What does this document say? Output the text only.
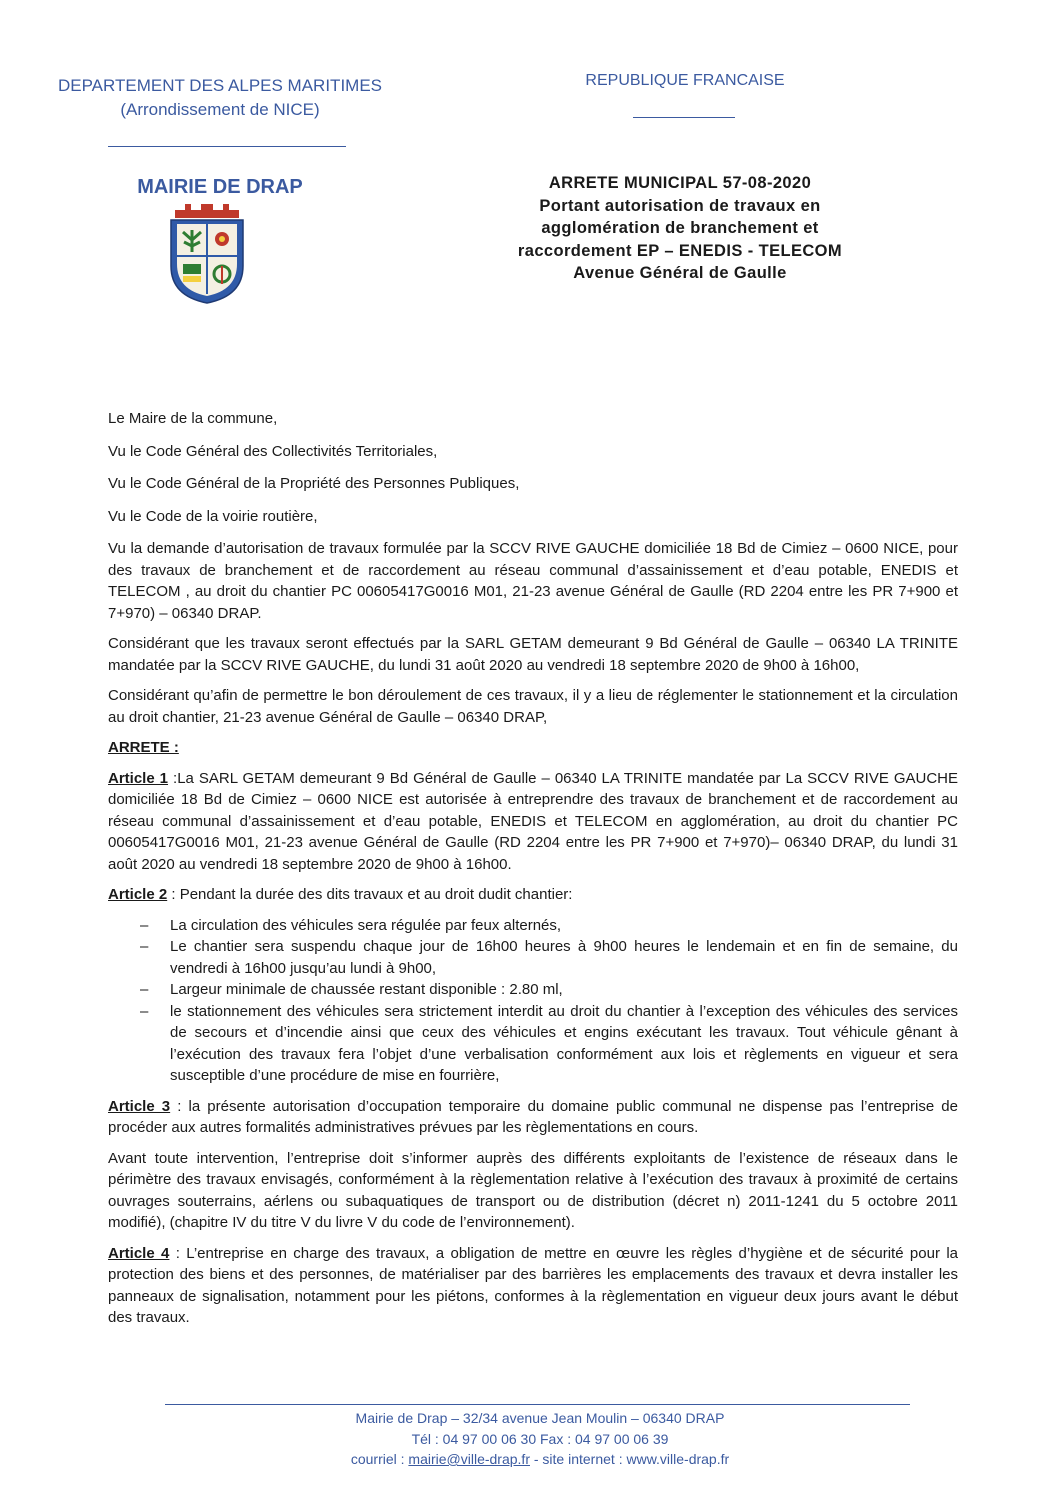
DEPARTEMENT DES ALPES MARITIMES
(Arrondissement de NICE)
REPUBLIQUE FRANCAISE
MAIRIE DE DRAP	ARRETE MUNICIPAL 57-08-2020
Portant autorisation de travaux en
agglomération de branchement et
raccordement EP – ENEDIS - TELECOM
Avenue Général de Gaulle

Le Maire de la commune,

Vu le Code Général des Collectivités Territoriales,

Vu le Code Général de la Propriété des Personnes Publiques,

Vu le Code de la voirie routière,

Vu la demande d’autorisation de travaux formulée par la SCCV RIVE GAUCHE domiciliée 18 Bd de Cimiez – 0600 NICE, pour des travaux de branchement et de raccordement au réseau communal d’assainissement et d’eau potable, ENEDIS et TELECOM , au droit du chantier PC 00605417G0016 M01, 21-23 avenue Général de Gaulle (RD 2204 entre les PR 7+900 et 7+970) – 06340 DRAP.

Considérant que les travaux seront effectués par la SARL GETAM demeurant 9 Bd Général de Gaulle – 06340 LA TRINITE mandatée par la SCCV RIVE GAUCHE, du lundi 31 août 2020 au vendredi 18 septembre 2020 de 9h00 à 16h00,

Considérant qu’afin de permettre le bon déroulement de ces travaux, il y a lieu de réglementer le stationnement et la circulation au droit chantier, 21-23 avenue Général de Gaulle – 06340 DRAP,

ARRETE :

Article 1 :La SARL GETAM demeurant 9 Bd Général de Gaulle – 06340 LA TRINITE mandatée par La SCCV RIVE GAUCHE domiciliée 18 Bd de Cimiez – 0600 NICE est autorisée à entreprendre des travaux de branchement et de raccordement au réseau communal d’assainissement et d’eau potable, ENEDIS et TELECOM en agglomération, au droit du chantier PC 00605417G0016 M01, 21-23 avenue Général de Gaulle (RD 2204 entre les PR 7+900 et 7+970)– 06340 DRAP, du lundi 31 août 2020 au vendredi 18 septembre 2020 de 9h00 à 16h00.

Article 2 : Pendant la durée des dits travaux et au droit dudit chantier:

– La circulation des véhicules sera régulée par feux alternés,
– Le chantier sera suspendu chaque jour de 16h00 heures à 9h00 heures le lendemain et en fin de semaine, du vendredi à 16h00 jusqu’au lundi à 9h00,
– Largeur minimale de chaussée restant disponible : 2.80 ml,
– le stationnement des véhicules sera strictement interdit au droit du chantier à l’exception des véhicules des services de secours et d’incendie ainsi que ceux des véhicules et engins exécutant les travaux. Tout véhicule gênant à l’exécution des travaux fera l’objet d’une verbalisation conformément aux lois et règlements en vigueur et sera susceptible d’une procédure de mise en fourrière,

Article 3 : la présente autorisation d’occupation temporaire du domaine public communal ne dispense pas l’entreprise de procéder aux autres formalités administratives prévues par les règlementations en cours.

Avant toute intervention, l’entreprise doit s’informer auprès des différents exploitants de l’existence de réseaux dans le périmètre des travaux envisagés, conformément à la règlementation relative à l’exécution des travaux à proximité de certains ouvrages souterrains, aérlens ou subaquatiques de transport ou de distribution (décret n) 2011-1241 du 5 octobre 2011 modifié), (chapitre IV du titre V du livre V du code de l’environnement).

Article 4 : L’entreprise en charge des travaux, a obligation de mettre en œuvre les règles d’hygiène et de sécurité pour la protection des biens et des personnes, de matérialiser par des barrières les emplacements des travaux et devra installer les panneaux de signalisation, notamment pour les piétons, conformes à la règlementation en vigueur deux jours avant le début des travaux.

Mairie de Drap – 32/34 avenue Jean Moulin – 06340 DRAP
Tél : 04 97 00 06 30 Fax : 04 97 00 06 39
courriel : mairie@ville-drap.fr - site internet : www.ville-drap.fr
